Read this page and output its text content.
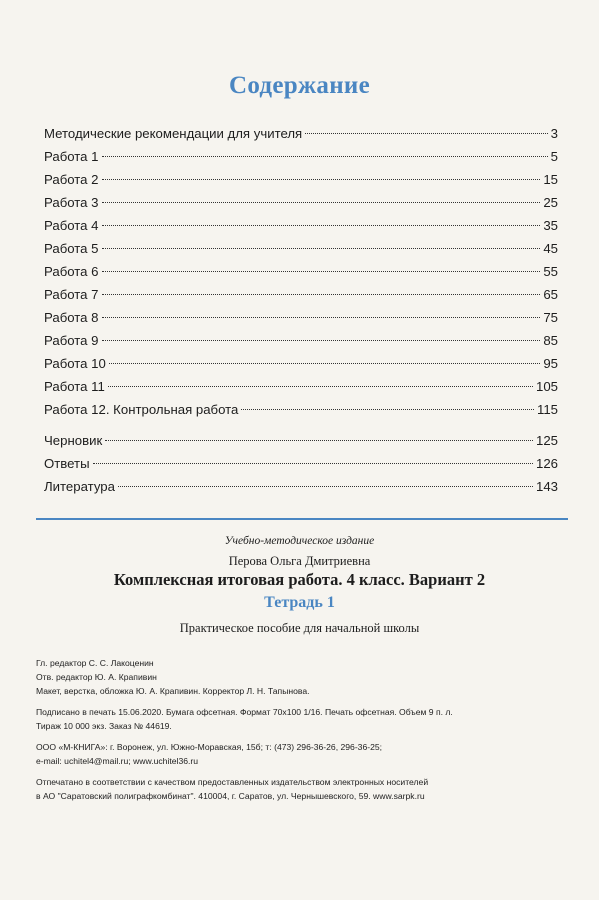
Содержание
Методические рекомендации для учителя	3
Работа 1	5
Работа 2	15
Работа 3	25
Работа 4	35
Работа 5	45
Работа 6	55
Работа 7	65
Работа 8	75
Работа 9	85
Работа 10	95
Работа 11	105
Работа 12. Контрольная работа	115
Черновик	125
Ответы	126
Литература	143
Учебно-методическое издание
Перова Ольга Дмитриевна
Комплексная итоговая работа. 4 класс. Вариант 2
Тетрадь 1
Практическое пособие для начальной школы
Гл. редактор С. С. Лакоценин
Отв. редактор Ю. А. Крапивин
Макет, верстка, обложка Ю. А. Крапивин. Корректор Л. Н. Тапынова.
Подписано в печать 15.06.2020. Бумага офсетная. Формат 70х100 1/16. Печать офсетная. Объем 9 п. л.
Тираж 10 000 экз. Заказ № 44619.
ООО «М-КНИГА»: г. Воронеж, ул. Южно-Моравская, 15б; т: (473) 296-36-26, 296-36-25;
e-mail: uchitel4@mail.ru; www.uchitel36.ru
Отпечатано в соответствии с качеством предоставленных издательством электронных носителей
в АО "Саратовский полиграфкомбинат". 410004, г. Саратов, ул. Чернышевского, 59. www.sarpk.ru
